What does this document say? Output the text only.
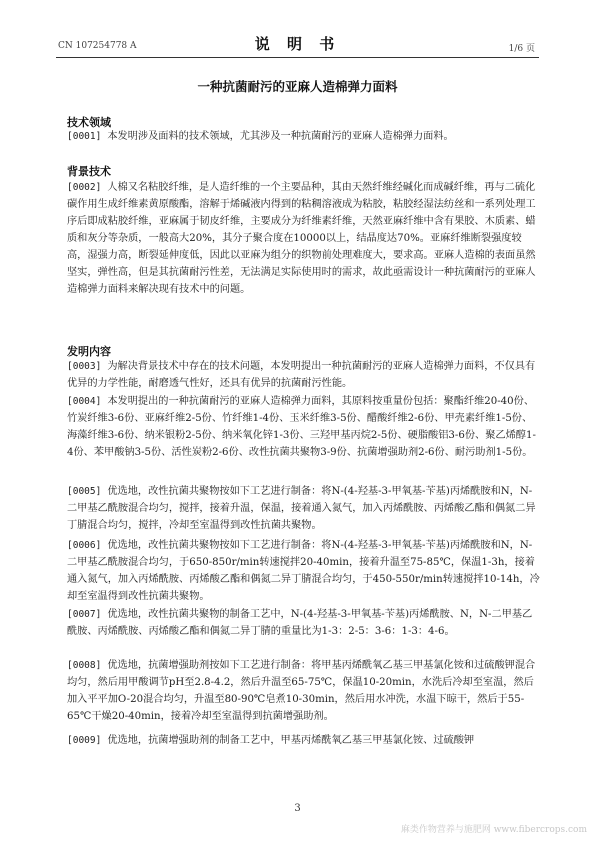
CN 107254778 A	说 明 书	1/6 页
一种抗菌耐污的亚麻人造棉弹力面料
技术领域
[0001] 本发明涉及面料的技术领域，尤其涉及一种抗菌耐污的亚麻人造棉弹力面料。
背景技术
[0002] 人棉又名粘胶纤维，是人造纤维的一个主要品种，其由天然纤维经碱化而成碱纤维，再与二硫化碳作用生成纤维素黄原酸酯，溶解于烯碱液内得到的粘稠溶液成为粘胶，粘胶经湿法纺丝和一系列处理工序后即成粘胶纤维，亚麻属于韧皮纤维，主要成分为纤维素纤维，天然亚麻纤维中含有果胶、木质素、蜡质和灰分等杂质，一般高大20%，其分子聚合度在10000以上，结晶度达70%。亚麻纤维断裂强度较高，湿强力高，断裂延伸度低，因此以亚麻为组分的织物前处理难度大，要求高。亚麻人造棉的表面虽然坚实，弹性高，但是其抗菌耐污性差，无法满足实际使用时的需求，故此亟需设计一种抗菌耐污的亚麻人造棉弹力面料来解决现有技术中的问题。
发明内容
[0003] 为解决背景技术中存在的技术问题，本发明提出一种抗菌耐污的亚麻人造棉弹力面料，不仅具有优异的力学性能，耐磨透气性好，还具有优异的抗菌耐污性能。
[0004] 本发明提出的一种抗菌耐污的亚麻人造棉弹力面料，其原料按重量份包括：聚酯纤维20-40份、竹炭纤维3-6份、亚麻纤维2-5份、竹纤维1-4份、玉米纤维3-5份、醋酸纤维2-6份、甲壳素纤维1-5份、海藻纤维3-6份、纳米银粉2-5份、纳米氧化锌1-3份、三羟甲基丙烷2-5份、硬脂酸铝3-6份、聚乙烯醇1-4份、苯甲酸钠3-5份、活性炭粉2-6份、改性抗菌共聚物3-9份、抗菌增强助剂2-6份、耐污助剂1-5份。
[0005] 优选地，改性抗菌共聚物按如下工艺进行制备：将N-(4-羟基-3-甲氧基-苄基)丙烯酰胺和N，N-二甲基乙酰胺混合均匀，搅拌，接着升温，保温，接着通入氮气，加入丙烯酰胺、丙烯酸乙酯和偶氮二异丁腈混合均匀，搅拌，冷却至室温得到改性抗菌共聚物。
[0006] 优选地，改性抗菌共聚物按如下工艺进行制备：将N-(4-羟基-3-甲氧基-苄基)丙烯酰胺和N，N-二甲基乙酰胺混合均匀，于650-850r/min转速搅拌20-40min，接着升温至75-85℃，保温1-3h，接着通入氮气，加入丙烯酰胺、丙烯酸乙酯和偶氮二异丁腈混合均匀，于450-550r/min转速搅拌10-14h，冷却至室温得到改性抗菌共聚物。
[0007] 优选地，改性抗菌共聚物的制备工艺中，N-(4-羟基-3-甲氧基-苄基)丙烯酰胺、N，N-二甲基乙酰胺、丙烯酰胺、丙烯酸乙酯和偶氮二异丁腈的重量比为1-3：2-5：3-6：1-3：4-6。
[0008] 优选地，抗菌增强助剂按如下工艺进行制备：将甲基丙烯酰氧乙基三甲基氯化铵和过硫酸钾混合均匀，然后用甲酸调节pH至2.8-4.2，然后升温至65-75℃，保温10-20min，水洗后冷却至室温，然后加入平平加O-20混合均匀，升温至80-90℃皂煮10-30min，然后用水冲洗，水温下晾干，然后于55-65℃干燥20-40min，接着冷却至室温得到抗菌增强助剂。
[0009] 优选地，抗菌增强助剂的制备工艺中，甲基丙烯酰氧乙基三甲基氯化铵、过硫酸钾
3
麻类作物营养与施肥网 www.fibercrops.com
